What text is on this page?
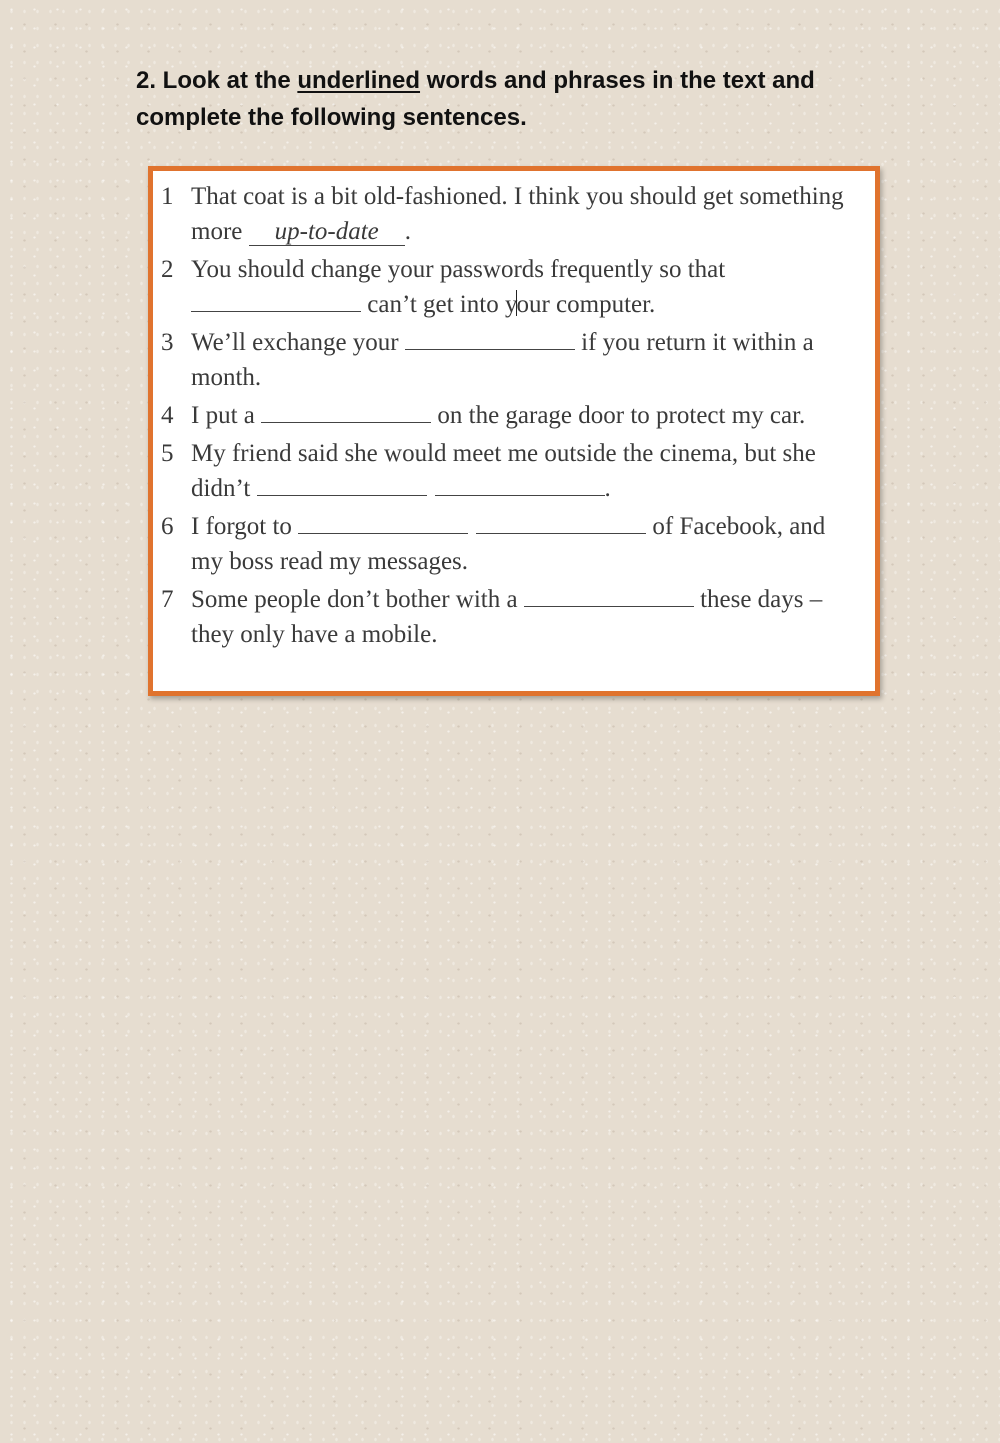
2. Look at the underlined words and phrases in the text and complete the following sentences.
1 That coat is a bit old-fashioned. I think you should get something more up-to-date .
2 You should change your passwords frequently so that  can’t get into your computer.
3 We’ll exchange your	if you return it within a month.
4 I put a	on the garage door to protect my car.
5 My friend said she would meet me outside the cinema, but she didn’t	.
6 I forgot to	of Facebook, and my boss read my messages.
7 Some people don’t bother with a	these days – they only have a mobile.
